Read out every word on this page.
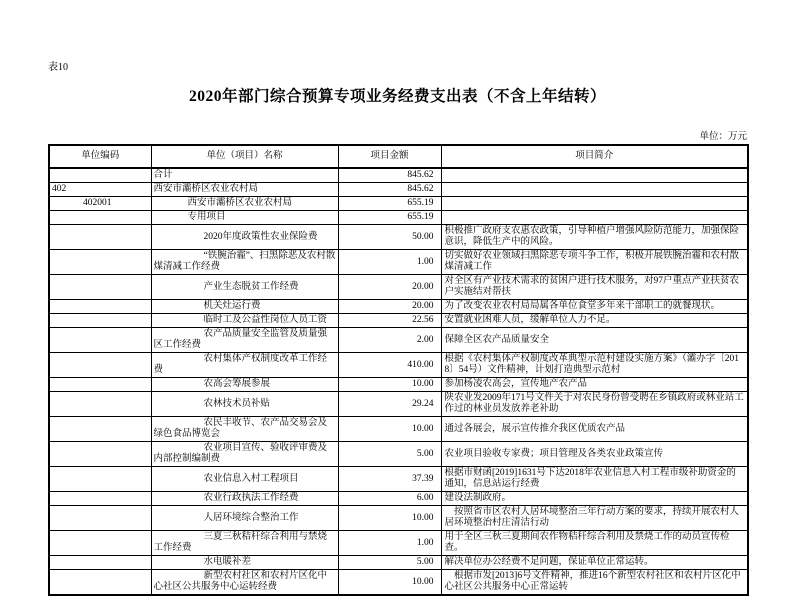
表10
2020年部门综合预算专项业务经费支出表（不含上年结转）
单位：万元
单位编码	单位（项目）名称	项目金额	项目简介
	合计	845.62	
402	西安市灞桥区农业农村局	845.62	
402001	西安市灞桥区农业农村局	655.19	
	专用项目	655.19	
	2020年度政策性农业保险费	50.00	积极推广政府支农惠农政策，引导种植户增强风险防范能力，加强保险意识，降低生产中的风险。
	“铁腕治霾”、扫黑除恶及农村散煤清减工作经费	1.00	切实做好农业领域扫黑除恶专项斗争工作，积极开展铁腕治霾和农村散煤清减工作
	产业生态脱贫工作经费	20.00	对全区有产业技术需求的贫困户进行技术服务，对97户重点产业扶贫农户实施结对帮扶
	机关灶运行费	20.00	为了改变农业农村局局属各单位食堂多年来干部职工的就餐现状。
	临时工及公益性岗位人员工资	22.56	安置就业困难人员，缓解单位人力不足。
	农产品质量安全监管及质量强区工作经费	2.00	保障全区农产品质量安全
	农村集体产权制度改革工作经费	410.00	根据《农村集体产权制度改革典型示范村建设实施方案》（灞办字〔2018〕54号）文件精神，计划打造典型示范村
	农高会筹展参展	10.00	参加杨凌农高会，宣传地产农产品
	农林技术员补贴	29.24	陕农业发2009年171号文件关于对农民身份曾受聘在乡镇政府或林业站工作过的林业员发放养老补助
	农民丰收节、农产品交易会及绿色食品博览会	10.00	通过各展会，展示宣传推介我区优质农产品
	农业项目宣传、验收评审费及内部控制编制费	5.00	农业项目验收专家费；项目管理及各类农业政策宣传
	农业信息入村工程项目	37.39	根据市财函[2019]1631号下达2018年农业信息入村工程市级补助资金的通知，信息站运行经费
	农业行政执法工作经费	6.00	建设法制政府。
	人居环境综合整治工作	10.00	　按照省市区农村人居环境整治三年行动方案的要求，持续开展农村人居环境整治村庄清洁行动
	三夏三秋秸秆综合利用与禁烧工作经费	1.00	用于全区三秋三夏期间农作物秸秆综合利用及禁烧工作的动员宣传检查。
	水电暖补差	5.00	解决单位办公经费不足问题，保证单位正常运转。
	新型农村社区和农村片区化中心社区公共服务中心运转经费	10.00	　根据市发[2013]6号文件精神，推进16个新型农村社区和农村片区化中心社区公共服务中心正常运转
